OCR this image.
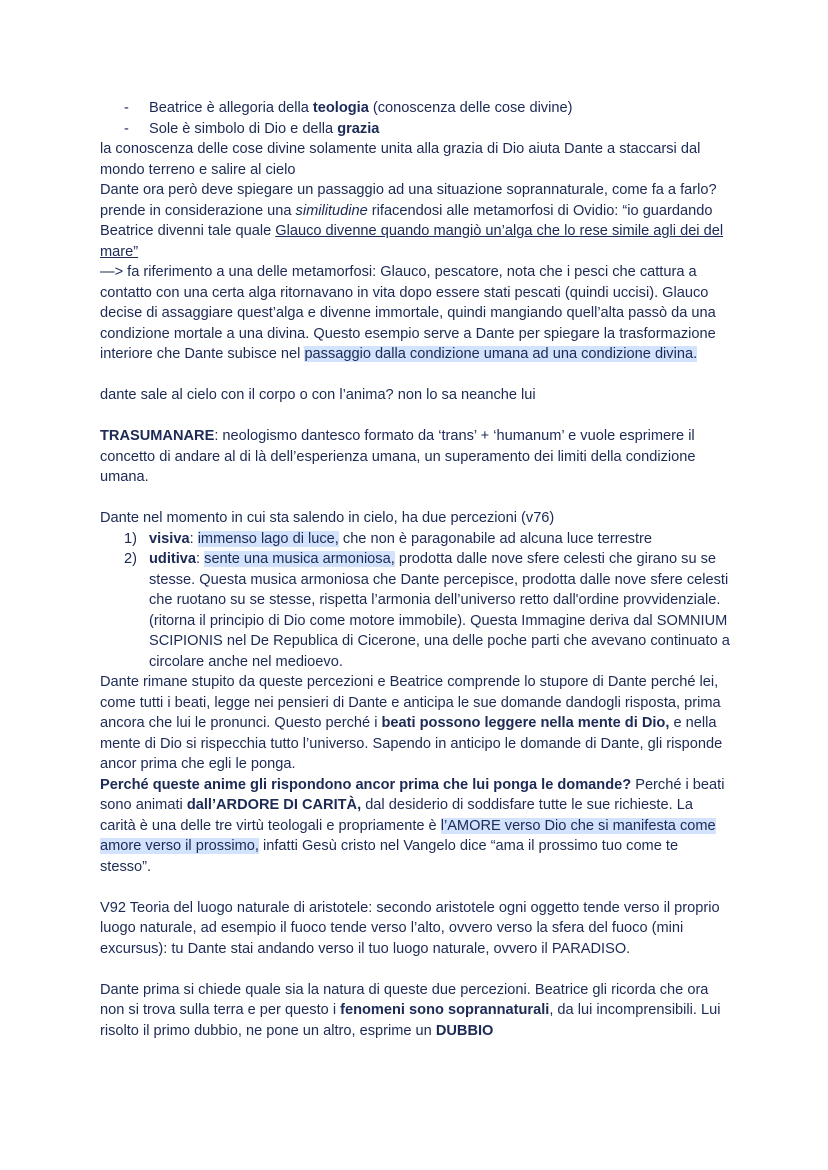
- Beatrice è allegoria della teologia (conoscenza delle cose divine)
- Sole è simbolo di Dio e della grazia

la conoscenza delle cose divine solamente unita alla grazia di Dio aiuta Dante a staccarsi dal mondo terreno e salire al cielo

Dante ora però deve spiegare un passaggio ad una situazione soprannaturale, come fa a farlo? prende in considerazione una similitudine rifacendosi alle metamorfosi di Ovidio: “io guardando Beatrice divenni tale quale Glauco divenne quando mangiò un’alga che lo rese simile agli dei del mare”

—> fa riferimento a una delle metamorfosi: Glauco, pescatore, nota che i pesci che cattura a contatto con una certa alga ritornavano in vita dopo essere stati pescati (quindi uccisi). Glauco decise di assaggiare quest’alga e divenne immortale, quindi mangiando quell’alta passò da una condizione mortale a una divina. Questo esempio serve a Dante per spiegare la trasformazione interiore che Dante subisce nel passaggio dalla condizione umana ad una condizione divina.

dante sale al cielo con il corpo o con l’anima? non lo sa neanche lui

TRASUMANARE: neologismo dantesco formato da ‘trans’ + ‘humanum’ e vuole esprimere il concetto di andare al di là dell’esperienza umana, un superamento dei limiti della condizione umana.

Dante nel momento in cui sta salendo in cielo, ha due percezioni (v76)

1) visiva: immenso lago di luce, che non è paragonabile ad alcuna luce terrestre
2) uditiva: sente una musica armoniosa, prodotta dalle nove sfere celesti che girano su se stesse. Questa musica armoniosa che Dante percepisce, prodotta dalle nove sfere celesti che ruotano su se stesse, rispetta l’armonia dell’universo retto dall'ordine provvidenziale. (ritorna il principio di Dio come motore immobile). Questa Immagine deriva dal SOMNIUM SCIPIONIS nel De Republica di Cicerone, una delle poche parti che avevano continuato a circolare anche nel medioevo.

Dante rimane stupito da queste percezioni e Beatrice comprende lo stupore di Dante perché lei, come tutti i beati, legge nei pensieri di Dante e anticipa le sue domande dandogli risposta, prima ancora che lui le pronunci. Questo perché i beati possono leggere nella mente di Dio, e nella mente di Dio si rispecchia tutto l’universo. Sapendo in anticipo le domande di Dante, gli risponde ancor prima che egli le ponga.

Perché queste anime gli rispondono ancor prima che lui ponga le domande? Perché i beati sono animati dall’ARDORE DI CARITÀ, dal desiderio di soddisfare tutte le sue richieste. La carità è una delle tre virtù teologali e propriamente è l’AMORE verso Dio che si manifesta come amore verso il prossimo, infatti Gesù cristo nel Vangelo dice “ama il prossimo tuo come te stesso”.

V92 Teoria del luogo naturale di aristotele: secondo aristotele ogni oggetto tende verso il proprio luogo naturale, ad esempio il fuoco tende verso l’alto, ovvero verso la sfera del fuoco (mini excursus): tu Dante stai andando verso il tuo luogo naturale, ovvero il PARADISO.

Dante prima si chiede quale sia la natura di queste due percezioni. Beatrice gli ricorda che ora non si trova sulla terra e per questo i fenomeni sono soprannaturali, da lui incomprensibili. Lui risolto il primo dubbio, ne pone un altro, esprime un DUBBIO
